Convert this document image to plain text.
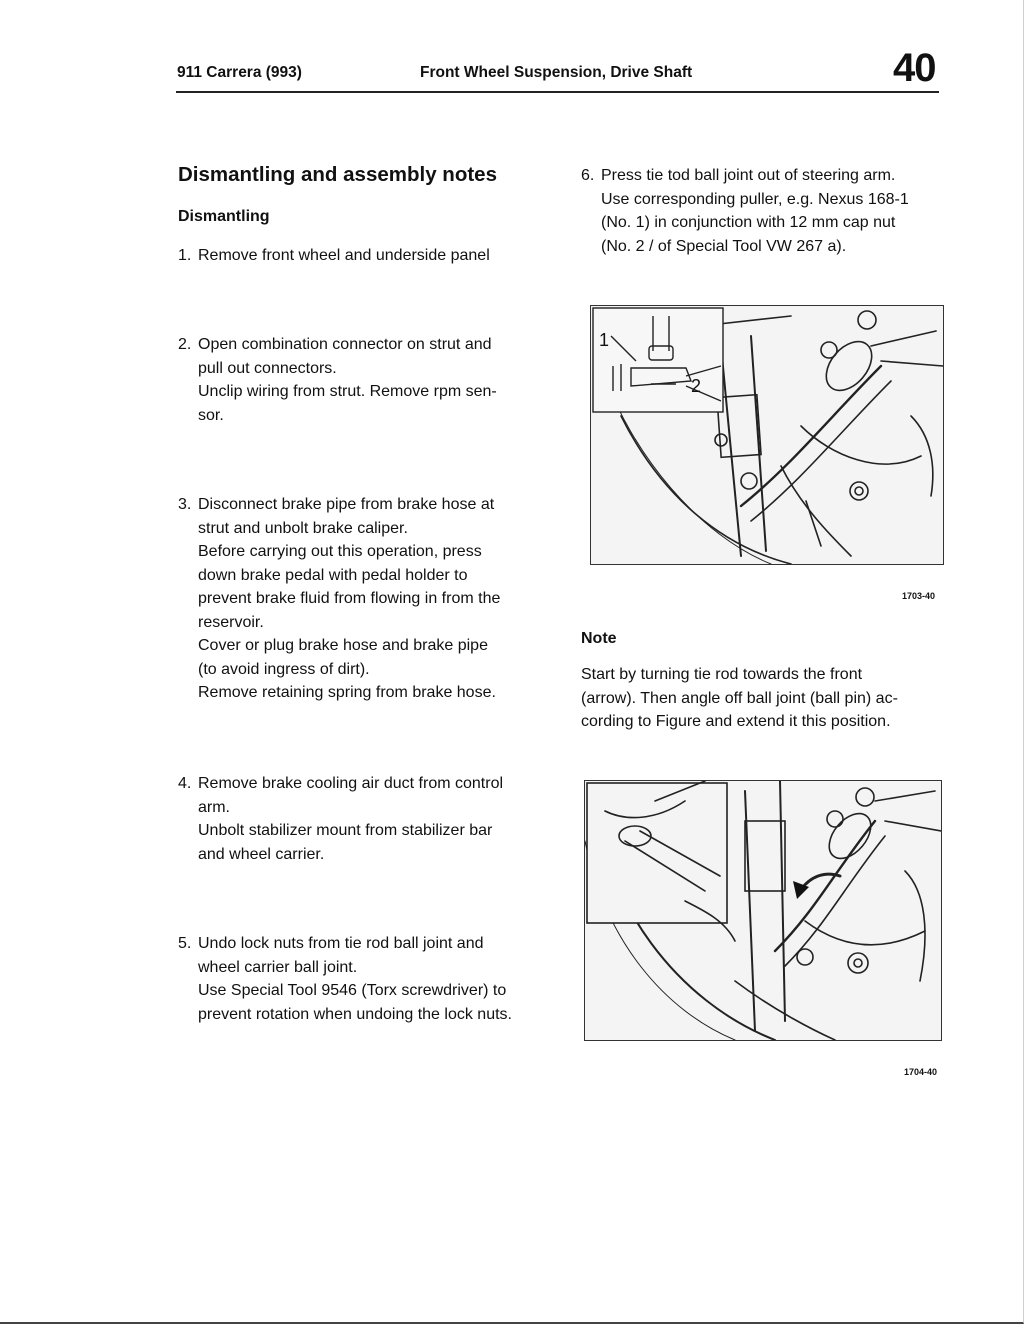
911 Carrera (993)	Front Wheel Suspension, Drive Shaft	40
Dismantling and assembly notes
Dismantling
1. Remove front wheel and underside panel
2. Open combination connector on strut and
pull out connectors.
Unclip wiring from strut. Remove rpm sen-
sor.
3. Disconnect brake pipe from brake hose at
strut and unbolt brake caliper.
Before carrying out this operation, press
down brake pedal with pedal holder to
prevent brake fluid from flowing in from the
reservoir.
Cover or plug brake hose and brake pipe
(to avoid ingress of dirt).
Remove retaining spring from brake hose.
4. Remove brake cooling air duct from control
arm.
Unbolt stabilizer mount from stabilizer bar
and wheel carrier.
5. Undo lock nuts from tie rod ball joint and
wheel carrier ball joint.
Use Special Tool 9546 (Torx screwdriver) to
prevent rotation when undoing the lock nuts.
6. Press tie tod ball joint out of steering arm.
Use corresponding puller, e.g. Nexus 168-1
(No. 1) in conjunction with 12 mm cap nut
(No. 2 / of Special Tool VW 267 a).
1
2
1703-40
Note
Start by turning tie rod towards the front
(arrow). Then angle off ball joint (ball pin) ac-
cording to Figure and extend it this position.
1704-40
